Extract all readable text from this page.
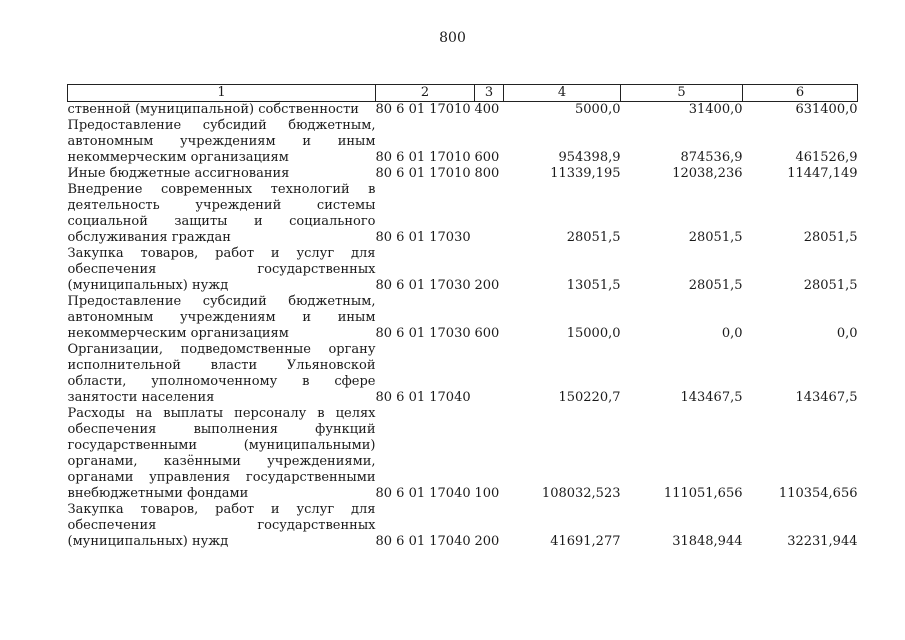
800
1	2	3	4	5	6
ственной (муниципальной) собственности	80 6 01 17010	400	5000,0	31400,0	631400,0
Предоставление субсидий бюджетным, автономным учреждениям и иным некоммерческим организациям	80 6 01 17010	600	954398,9	874536,9	461526,9
Иные бюджетные ассигнования	80 6 01 17010	800	11339,195	12038,236	11447,149
Внедрение современных технологий в деятельность учреждений системы социальной защиты и социального обслуживания граждан	80 6 01 17030		28051,5	28051,5	28051,5
Закупка товаров, работ и услуг для обеспечения государственных (муниципальных) нужд	80 6 01 17030	200	13051,5	28051,5	28051,5
Предоставление субсидий бюджетным, автономным учреждениям и иным некоммерческим организациям	80 6 01 17030	600	15000,0	0,0	0,0
Организации, подведомственные органу исполнительной власти Ульяновской области, уполномоченному в сфере занятости населения	80 6 01 17040		150220,7	143467,5	143467,5
Расходы на выплаты персоналу в целях обеспечения выполнения функций государственными (муниципальными) органами, казёнными учреждениями, органами управления государственными внебюджетными фондами	80 6 01 17040	100	108032,523	111051,656	110354,656
Закупка товаров, работ и услуг для обеспечения государственных (муниципальных) нужд	80 6 01 17040	200	41691,277	31848,944	32231,944
